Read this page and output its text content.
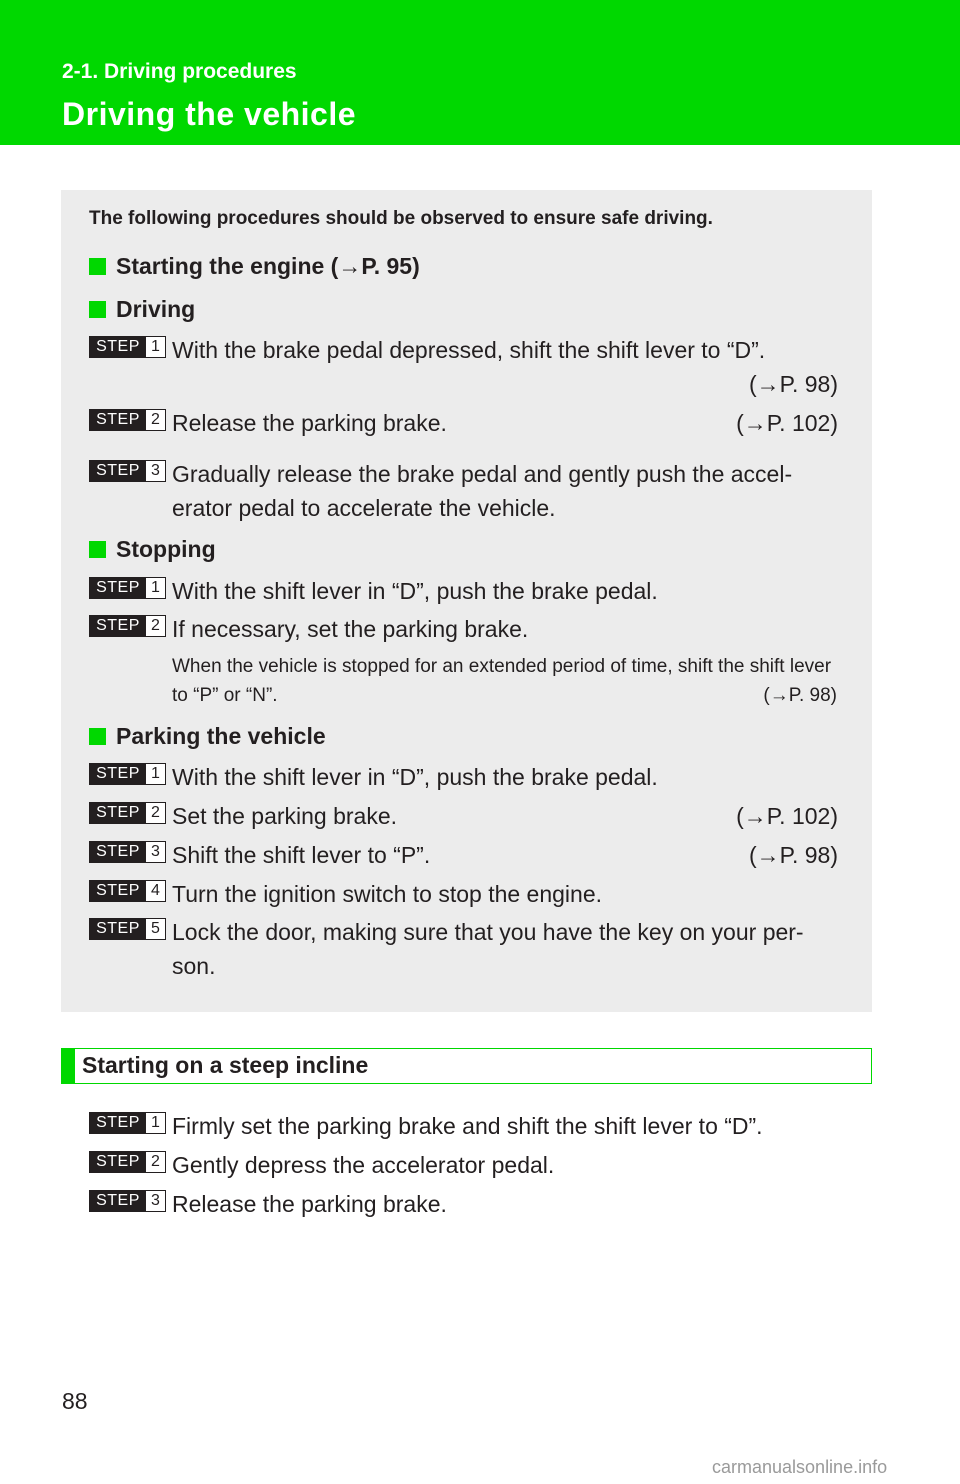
2-1. Driving procedures
Driving the vehicle
The following procedures should be observed to ensure safe driving.
Starting the engine (→P. 95)
Driving
STEP 1 With the brake pedal depressed, shift the shift lever to “D”.
(→P. 98)
STEP 2 Release the parking brake.	(→P. 102)
STEP 3 Gradually release the brake pedal and gently push the accel-erator pedal to accelerate the vehicle.
Stopping
STEP 1 With the shift lever in “D”, push the brake pedal.
STEP 2 If necessary, set the parking brake.
When the vehicle is stopped for an extended period of time, shift the shift lever to “P” or “N”.	(→P. 98)
Parking the vehicle
STEP 1 With the shift lever in “D”, push the brake pedal.
STEP 2 Set the parking brake.	(→P. 102)
STEP 3 Shift the shift lever to “P”.	(→P. 98)
STEP 4 Turn the ignition switch to stop the engine.
STEP 5 Lock the door, making sure that you have the key on your per-son.
Starting on a steep incline
STEP 1 Firmly set the parking brake and shift the shift lever to “D”.
STEP 2 Gently depress the accelerator pedal.
STEP 3 Release the parking brake.
88
carmanualsonline.info
